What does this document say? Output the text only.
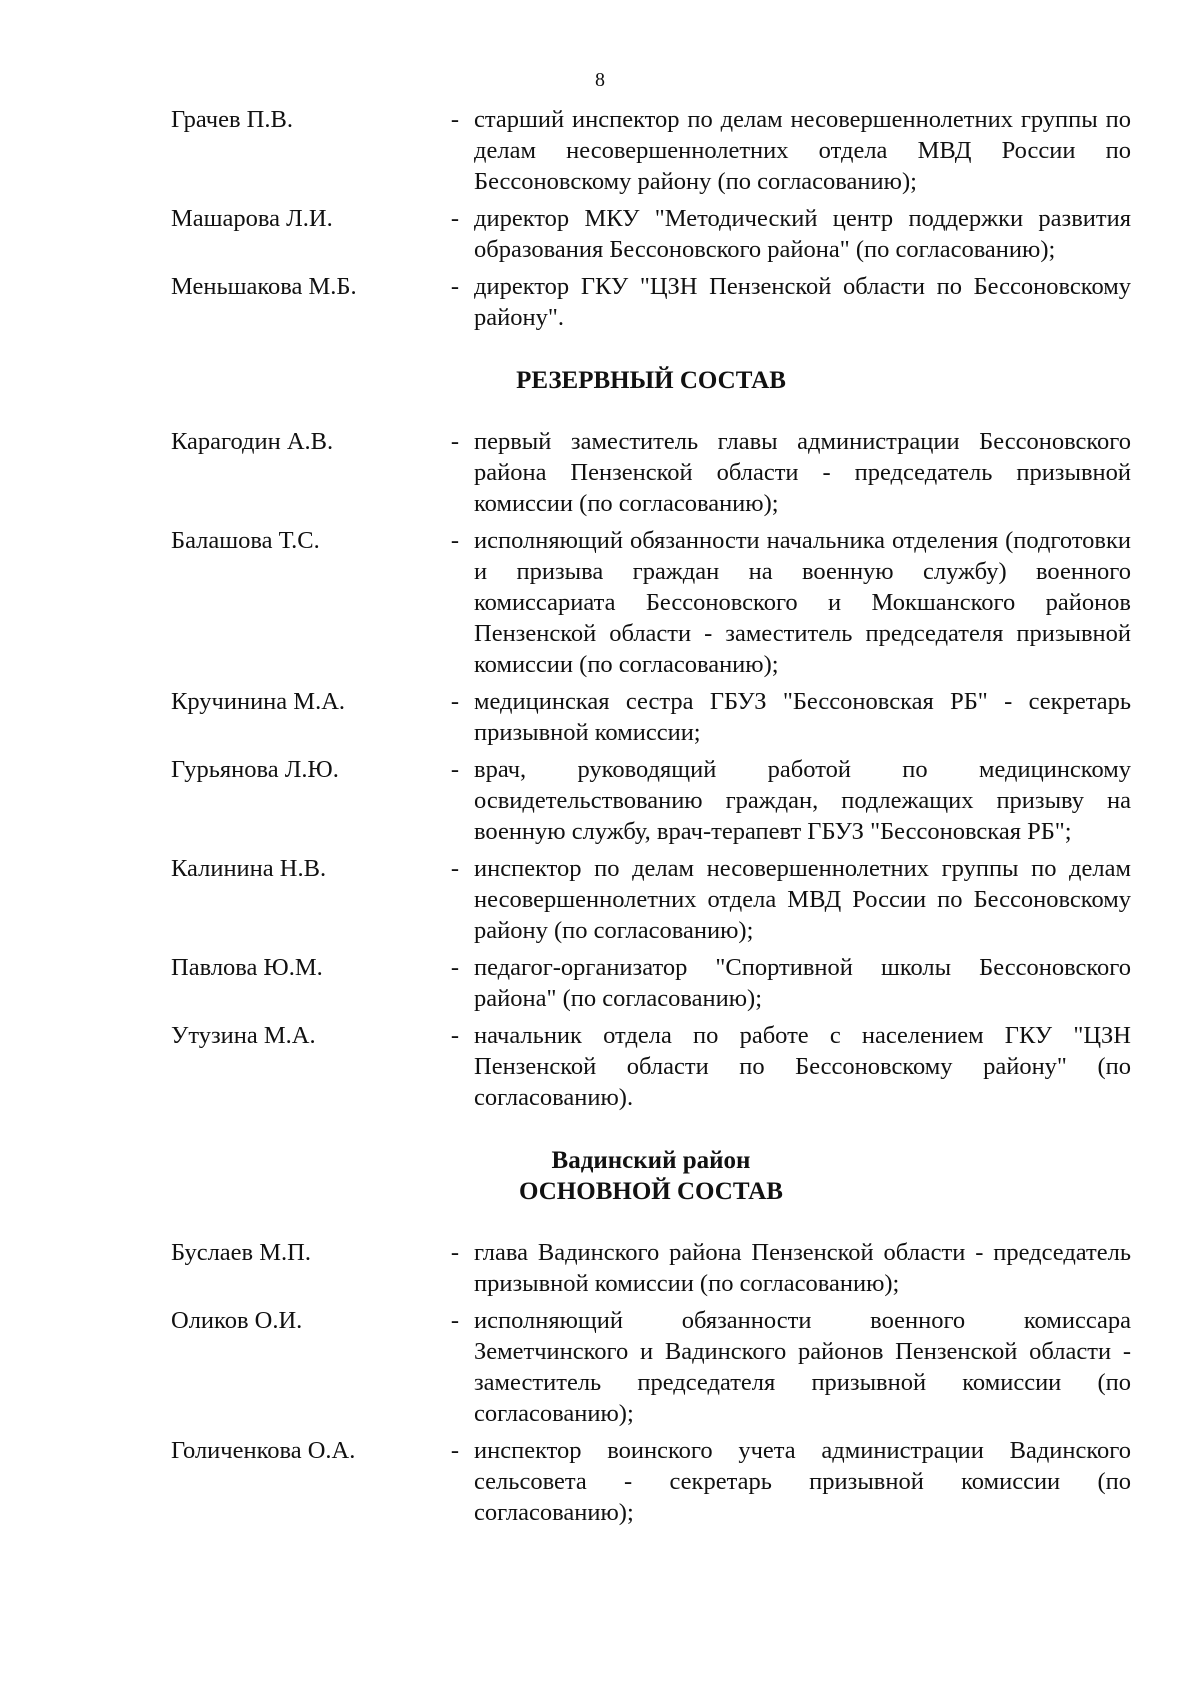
8
Грачев П.В.	- старший инспектор по делам несовершеннолетних группы по делам несовершеннолетних отдела МВД России по Бессоновскому району (по согласованию);
Машарова Л.И.	- директор МКУ "Методический центр поддержки развития образования Бессоновского района" (по согласованию);
Меньшакова М.Б.	- директор ГКУ "ЦЗН Пензенской области по Бессоновскому району".
РЕЗЕРВНЫЙ СОСТАВ
Карагодин А.В.	- первый заместитель главы администрации Бессоновского района Пензенской области - председатель призывной комиссии (по согласованию);
Балашова Т.С.	- исполняющий обязанности начальника отделения (подготовки и призыва граждан на военную службу) военного комиссариата Бессоновского и Мокшанского районов Пензенской области - заместитель председателя призывной комиссии (по согласованию);
Кручинина М.А.	- медицинская сестра ГБУЗ "Бессоновская РБ" - секретарь призывной комиссии;
Гурьянова Л.Ю.	- врач, руководящий работой по медицинскому освидетельствованию граждан, подлежащих призыву на военную службу, врач-терапевт ГБУЗ "Бессоновская РБ";
Калинина Н.В.	- инспектор по делам несовершеннолетних группы по делам несовершеннолетних отдела МВД России по Бессоновскому району (по согласованию);
Павлова Ю.М.	- педагог-организатор "Спортивной школы Бессоновского района" (по согласованию);
Утузина М.А.	- начальник отдела по работе с населением ГКУ "ЦЗН Пензенской области по Бессоновскому району" (по согласованию).
Вадинский район
ОСНОВНОЙ СОСТАВ
Буслаев М.П.	- глава Вадинского района Пензенской области - председатель призывной комиссии (по согласованию);
Оликов О.И.	- исполняющий обязанности военного комиссара Земетчинского и Вадинского районов Пензенской области - заместитель председателя призывной комиссии (по согласованию);
Голиченкова О.А.	- инспектор воинского учета администрации Вадинского сельсовета - секретарь призывной комиссии (по согласованию);
